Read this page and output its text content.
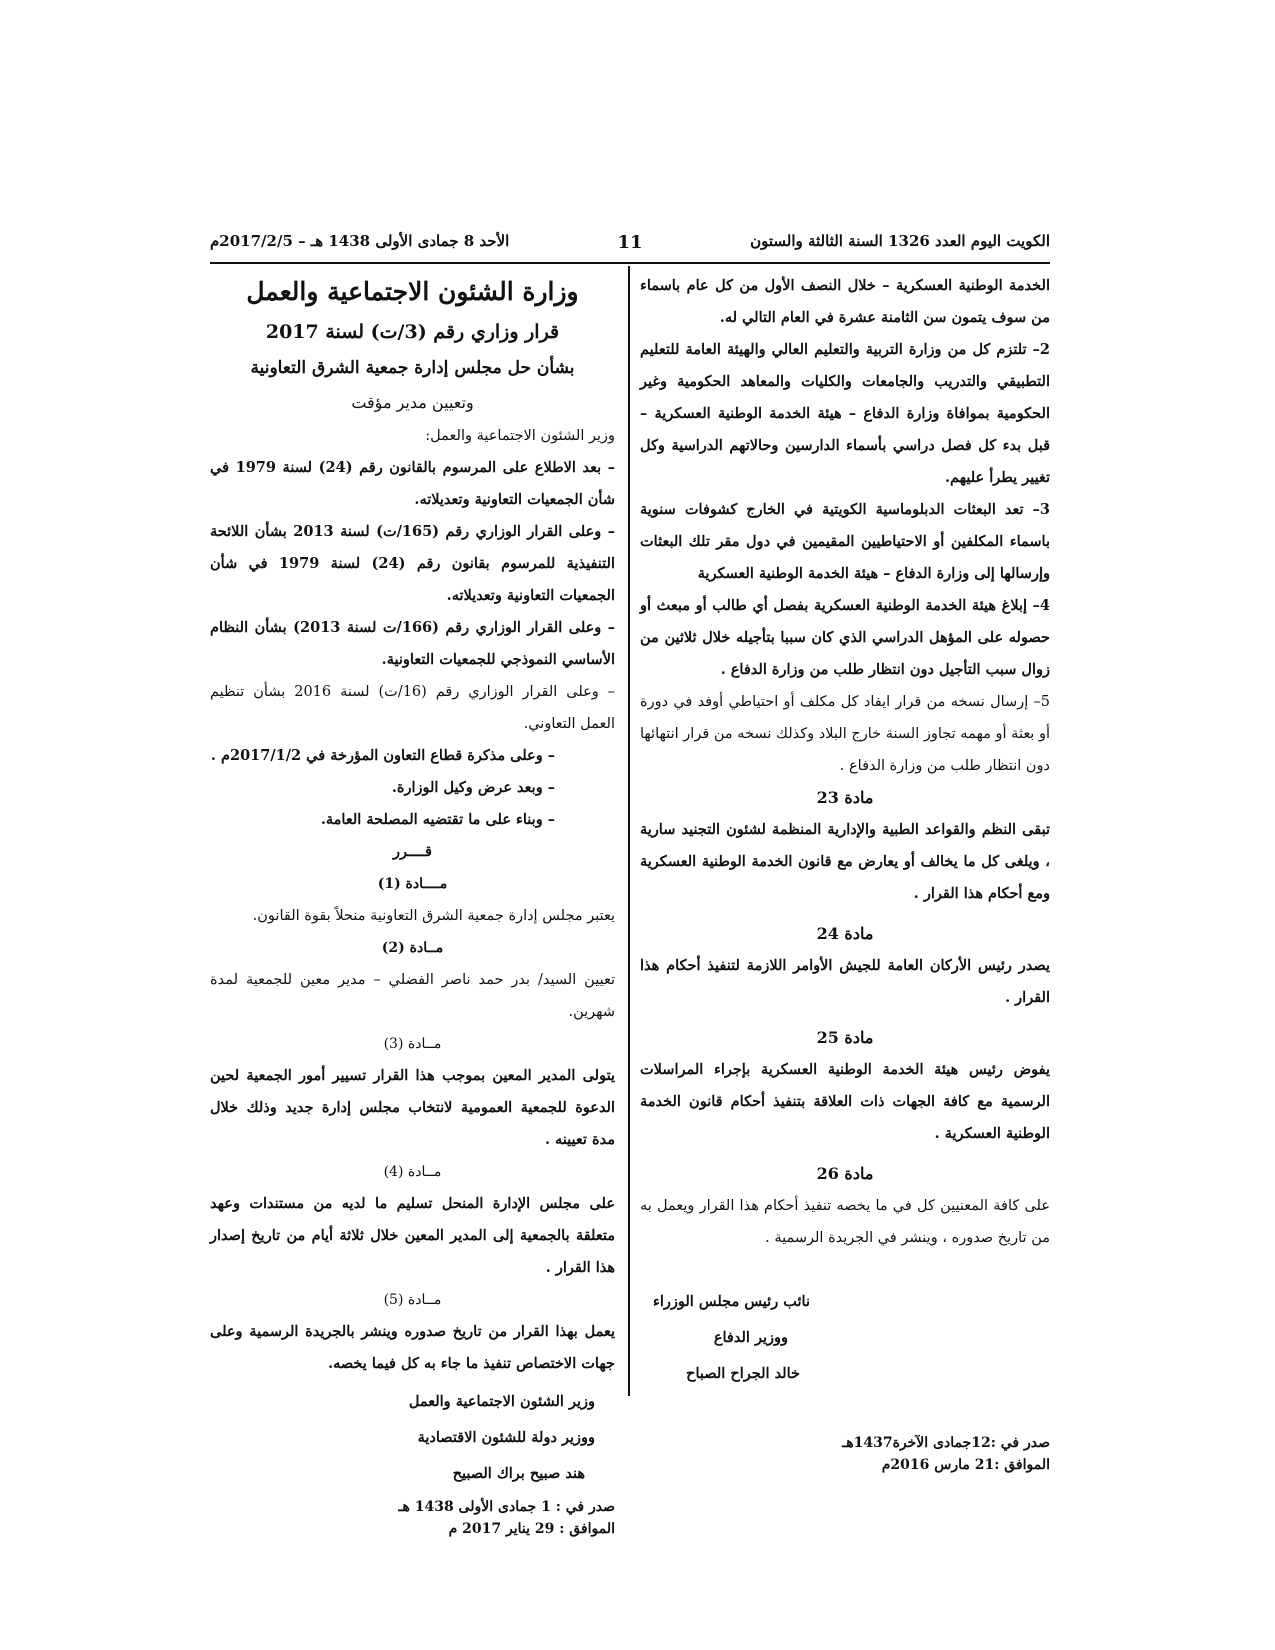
الكويت اليوم العدد 1326 السنة الثالثة والستون
11
الأحد 8 جمادى الأولى 1438 هـ – 2017/2/5م

الخدمة الوطنية العسكرية – خلال النصف الأول من كل عام باسماء من سوف يتمون سن الثامنة عشرة في العام التالي له.

2– تلتزم كل من وزارة التربية والتعليم العالي والهيئة العامة للتعليم التطبيقي والتدريب والجامعات والكليات والمعاهد الحكومية وغير الحكومية بموافاة وزارة الدفاع – هيئة الخدمة الوطنية العسكرية – قبل بدء كل فصل دراسي بأسماء الدارسين وحالاتهم الدراسية وكل تغيير يطرأ عليهم.

3– تعد البعثات الدبلوماسية الكويتية في الخارج كشوفات سنوية باسماء المكلفين أو الاحتياطيين المقيمين في دول مقر تلك البعثات وإرسالها إلى وزارة الدفاع – هيئة الخدمة الوطنية العسكرية

4– إبلاغ هيئة الخدمة الوطنية العسكرية بفصل أي طالب أو مبعث أو حصوله على المؤهل الدراسي الذي كان سببا بتأجيله خلال ثلاثين من زوال سبب التأجيل دون انتظار طلب من وزارة الدفاع .

5– إرسال نسخه من قرار ايفاد كل مكلف أو احتياطي أوفد في دورة أو بعثة أو مهمه تجاوز السنة خارج البلاد وكذلك نسخه من قرار انتهائها دون انتظار طلب من وزارة الدفاع .

مادة 23

تبقى النظم والقواعد الطبية والإدارية المنظمة لشئون التجنيد سارية ، ويلغى كل ما يخالف أو يعارض مع قانون الخدمة الوطنية العسكرية ومع أحكام هذا القرار .

مادة 24

يصدر رئيس الأركان العامة للجيش الأوامر اللازمة لتنفيذ أحكام هذا القرار .

مادة 25

يفوض رئيس هيئة الخدمة الوطنية العسكرية بإجراء المراسلات الرسمية مع كافة الجهات ذات العلاقة بتنفيذ أحكام قانون الخدمة الوطنية العسكرية .

مادة 26

على كافة المعنيين كل في ما يخصه تنفيذ أحكام هذا القرار ويعمل به من تاريخ صدوره ، وينشر في الجريدة الرسمية .

نائب رئيس مجلس الوزراء

ووزير الدفاع

خالد الجراح الصباح

صدر في :12جمادى الآخرة1437هـ

الموافق :21 مارس 2016م

وزارة الشئون الاجتماعية والعمل

قرار وزاري رقم (3/ت) لسنة 2017

بشأن حل مجلس إدارة جمعية الشرق التعاونية

وتعيين مدير مؤقت

وزير الشئون الاجتماعية والعمل:

– بعد الاطلاع على المرسوم بالقانون رقم (24) لسنة 1979 في شأن الجمعيات التعاونية وتعديلاته.

– وعلى القرار الوزاري رقم (165/ت) لسنة 2013 بشأن اللائحة التنفيذية للمرسوم بقانون رقم (24) لسنة 1979 في شأن الجمعيات التعاونية وتعديلاته.

– وعلى القرار الوزاري رقم (166/ت لسنة 2013) بشأن النظام الأساسي النموذجي للجمعيات التعاونية.

– وعلى القرار الوزاري رقم (16/ت) لسنة 2016 بشأن تنظيم العمل التعاوني.

– وعلى مذكرة قطاع التعاون المؤرخة في 2017/1/2م .

– وبعد عرض وكيل الوزارة.

– وبناء على ما تقتضيه المصلحة العامة.

قــــرر

مــــادة (1)

يعتبر مجلس إدارة جمعية الشرق التعاونية منحلاً بقوة القانون.

مــادة (2)

تعيين السيد/ بدر حمد ناصر الفضلي – مدير معين للجمعية لمدة شهرين.

مــادة (3)

يتولى المدير المعين بموجب هذا القرار تسيير أمور الجمعية لحين الدعوة للجمعية العمومية لانتخاب مجلس إدارة جديد وذلك خلال مدة تعيينه .

مــادة (4)

على مجلس الإدارة المنحل تسليم ما لديه من مستندات وعهد متعلقة بالجمعية إلى المدير المعين خلال ثلاثة أيام من تاريخ إصدار هذا القرار .

مــادة (5)

يعمل بهذا القرار من تاريخ صدوره وينشر بالجريدة الرسمية وعلى جهات الاختصاص تنفيذ ما جاء به كل فيما يخصه.

وزير الشئون الاجتماعية والعمل

ووزير دولة للشئون الاقتصادية

هند صبيح براك الصبيح

صدر في : 1 جمادى الأولى 1438 هـ

الموافق : 29 يناير 2017 م
